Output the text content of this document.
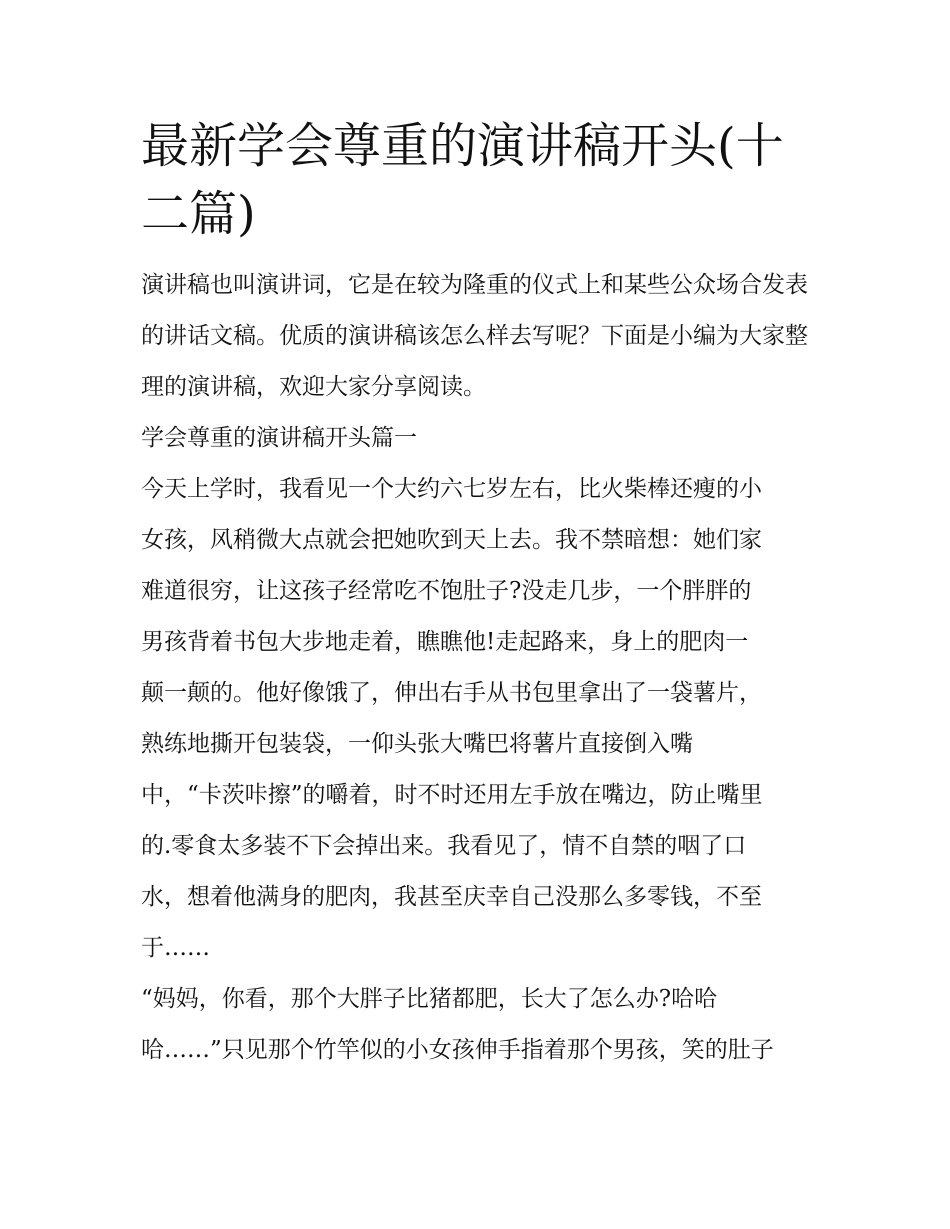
最新学会尊重的演讲稿开头(十二篇)

演讲稿也叫演讲词，它是在较为隆重的仪式上和某些公众场合发表的讲话文稿。优质的演讲稿该怎么样去写呢？下面是小编为大家整理的演讲稿，欢迎大家分享阅读。

学会尊重的演讲稿开头篇一

今天上学时，我看见一个大约六七岁左右，比火柴棒还瘦的小

女孩，风稍微大点就会把她吹到天上去。我不禁暗想：她们家

难道很穷，让这孩子经常吃不饱肚子?没走几步，一个胖胖的

男孩背着书包大步地走着，瞧瞧他!走起路来，身上的肥肉一

颠一颠的。他好像饿了，伸出右手从书包里拿出了一袋薯片，

熟练地撕开包装袋，一仰头张大嘴巴将薯片直接倒入嘴

中，“卡茨咔擦”的嚼着，时不时还用左手放在嘴边，防止嘴里

的.零食太多装不下会掉出来。我看见了，情不自禁的咽了口

水，想着他满身的肥肉，我甚至庆幸自己没那么多零钱，不至

于……

“妈妈，你看，那个大胖子比猪都肥，长大了怎么办?哈哈

哈……”只见那个竹竿似的小女孩伸手指着那个男孩，笑的肚子
